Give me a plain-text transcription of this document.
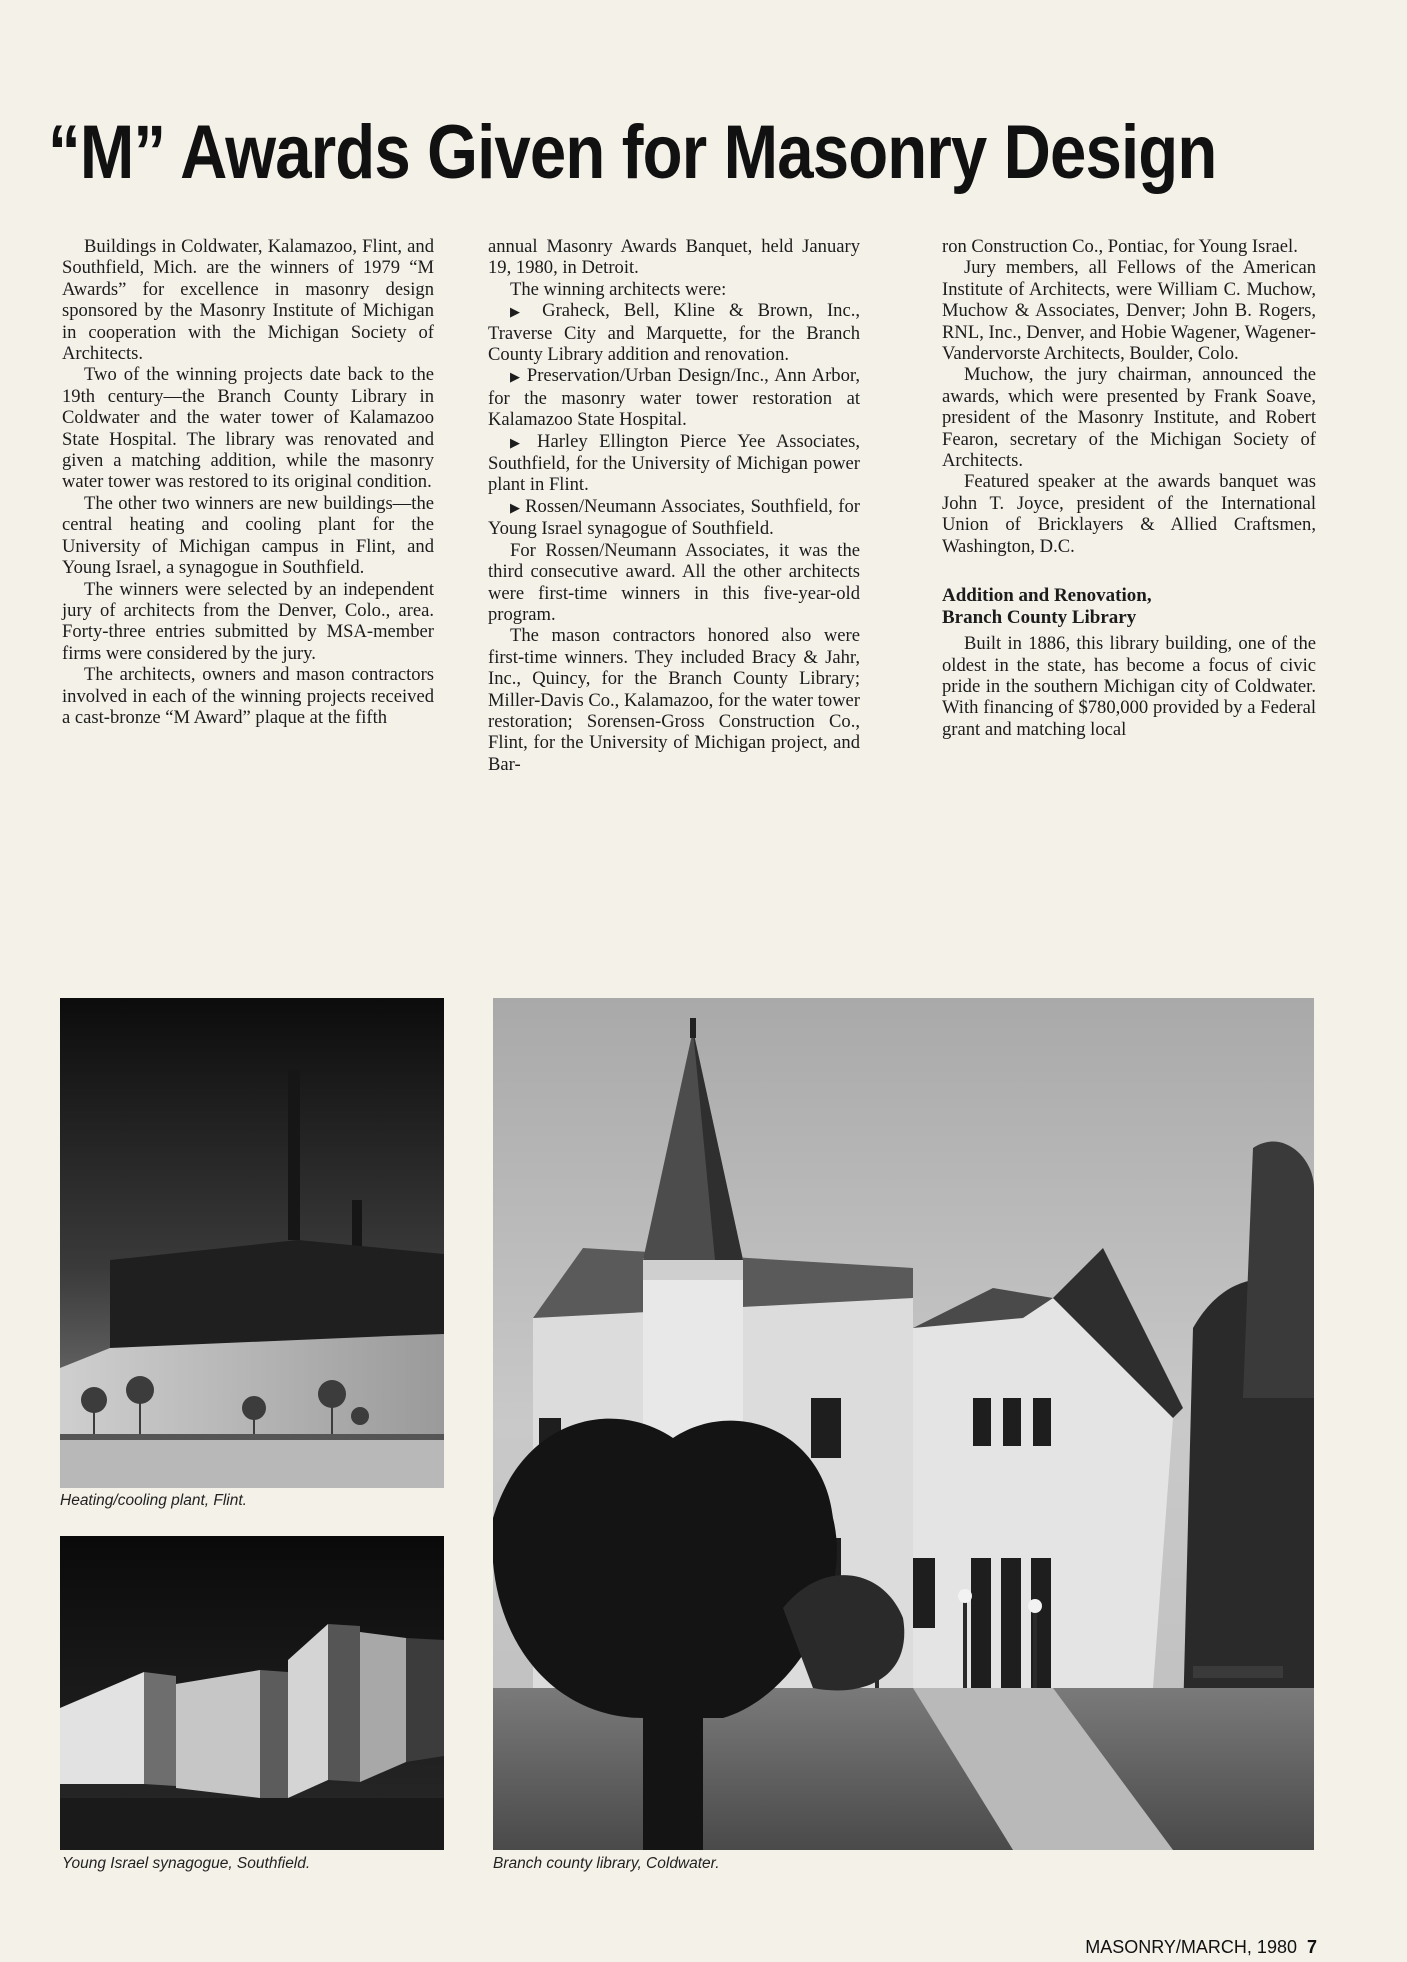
“M” Awards Given for Masonry Design

Buildings in Coldwater, Kalamazoo, Flint, and Southfield, Mich. are the winners of 1979 “M Awards” for excellence in masonry design sponsored by the Masonry Institute of Michigan in cooperation with the Michigan Society of Architects.

Two of the winning projects date back to the 19th century—the Branch County Library in Coldwater and the water tower of Kalamazoo State Hospital. The library was renovated and given a matching addition, while the masonry water tower was restored to its original condition.

The other two winners are new buildings—the central heating and cooling plant for the University of Michigan campus in Flint, and Young Israel, a synagogue in Southfield.

The winners were selected by an independent jury of architects from the Denver, Colo., area. Forty-three entries submitted by MSA-member firms were considered by the jury.

The architects, owners and mason contractors involved in each of the winning projects received a cast-bronze “M Award” plaque at the fifth

annual Masonry Awards Banquet, held January 19, 1980, in Detroit.

The winning architects were:

▶ Graheck, Bell, Kline & Brown, Inc., Traverse City and Marquette, for the Branch County Library addition and renovation.

▶ Preservation/Urban Design/Inc., Ann Arbor, for the masonry water tower restoration at Kalamazoo State Hospital.

▶ Harley Ellington Pierce Yee Associates, Southfield, for the University of Michigan power plant in Flint.

▶ Rossen/Neumann Associates, Southfield, for Young Israel synagogue of Southfield.

For Rossen/Neumann Associates, it was the third consecutive award. All the other architects were first-time winners in this five-year-old program.

The mason contractors honored also were first-time winners. They included Bracy & Jahr, Inc., Quincy, for the Branch County Library; Miller-Davis Co., Kalamazoo, for the water tower restoration; Sorensen-Gross Construction Co., Flint, for the University of Michigan project, and Bar-

ron Construction Co., Pontiac, for Young Israel.

Jury members, all Fellows of the American Institute of Architects, were William C. Muchow, Muchow & Associates, Denver; John B. Rogers, RNL, Inc., Denver, and Hobie Wagener, Wagener-Vandervorste Architects, Boulder, Colo.

Muchow, the jury chairman, announced the awards, which were presented by Frank Soave, president of the Masonry Institute, and Robert Fearon, secretary of the Michigan Society of Architects.

Featured speaker at the awards banquet was John T. Joyce, president of the International Union of Bricklayers & Allied Craftsmen, Washington, D.C.

Addition and Renovation,
Branch County Library

Built in 1886, this library building, one of the oldest in the state, has become a focus of civic pride in the southern Michigan city of Coldwater. With financing of $780,000 provided by a Federal grant and matching local

Heating/cooling plant, Flint.

Young Israel synagogue, Southfield.	Branch county library, Coldwater.

MASONRY/MARCH, 1980 7
